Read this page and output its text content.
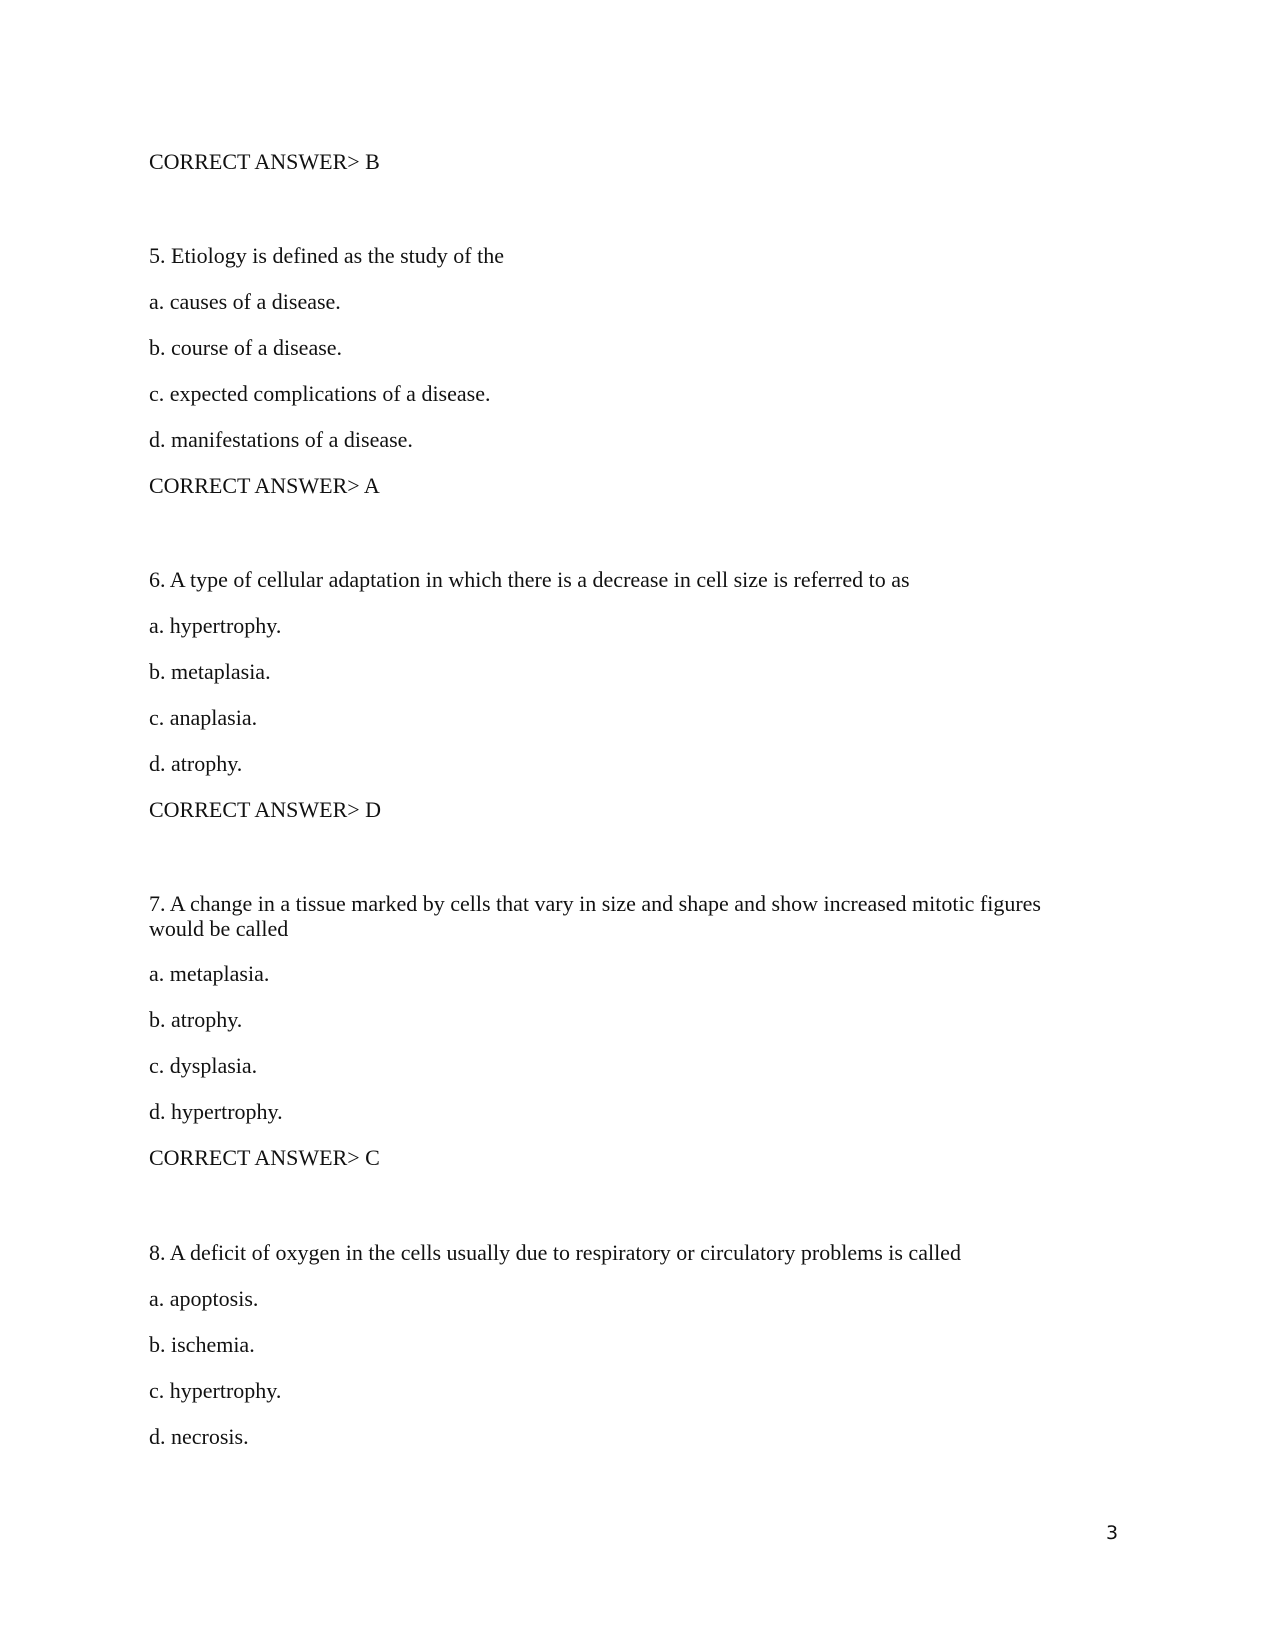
CORRECT ANSWER> B
5. Etiology is defined as the study of the
a. causes of a disease.
b. course of a disease.
c. expected complications of a disease.
d. manifestations of a disease.
CORRECT ANSWER> A
6. A type of cellular adaptation in which there is a decrease in cell size is referred to as
a. hypertrophy.
b. metaplasia.
c. anaplasia.
d. atrophy.
CORRECT ANSWER> D
7. A change in a tissue marked by cells that vary in size and shape and show increased mitotic figures would be called
a. metaplasia.
b. atrophy.
c. dysplasia.
d. hypertrophy.
CORRECT ANSWER> C
8. A deficit of oxygen in the cells usually due to respiratory or circulatory problems is called
a. apoptosis.
b. ischemia.
c. hypertrophy.
d. necrosis.
3
